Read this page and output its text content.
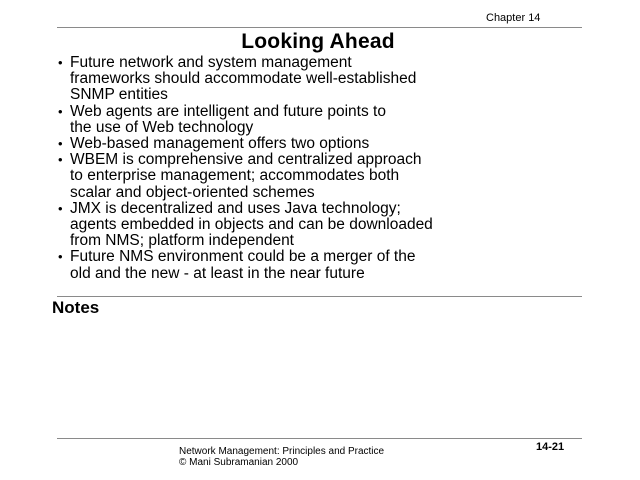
Chapter 14
Looking Ahead
• Future network and system management
frameworks should accommodate well-established
SNMP entities
• Web agents are intelligent and future points to
the use of Web technology
• Web-based management offers two options
• WBEM is comprehensive and centralized approach
to enterprise management; accommodates both
scalar and object-oriented schemes
• JMX is decentralized and uses Java technology;
agents embedded in objects and can be downloaded
from NMS; platform independent
• Future NMS environment could be a merger of the
old and the new - at least in the near future
Notes
Network Management: Principles and Practice
© Mani Subramanian 2000
14-21
